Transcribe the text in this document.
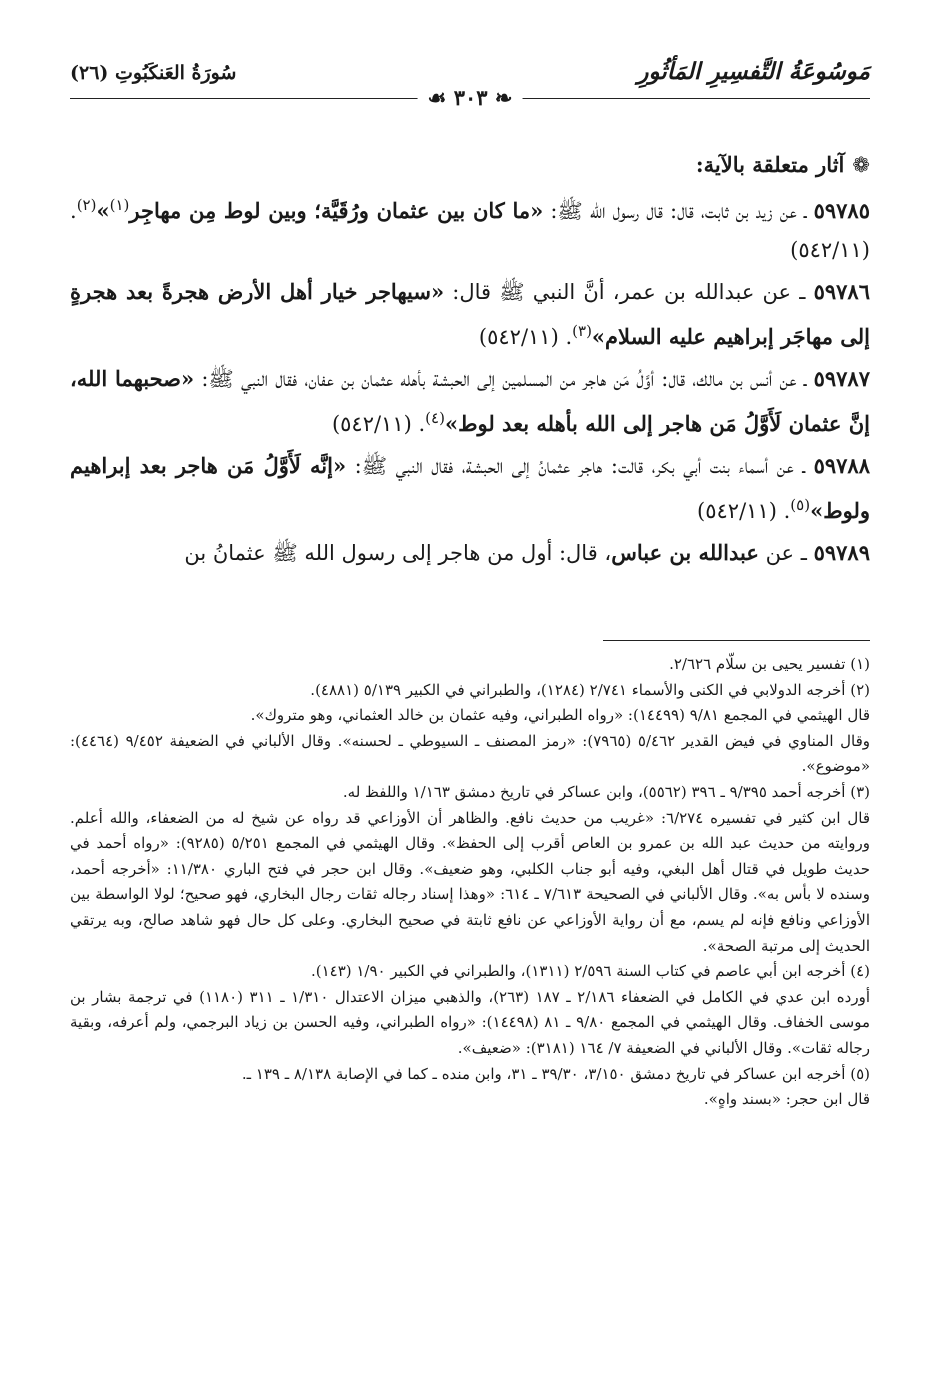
مَوسُوعَةُ التَّفسِيرِ المَأثُورِ
سُورَةُ العَنكَبُوتِ (٢٦)
❧ ٣٠٣ ☙
❁آثار متعلقة بالآية:
٥٩٧٨٥ ـ عن زيد بن ثابت، قال: قال رسول الله ﷺ: «ما كان بين عثمان ورُقَيَّة؛ وبين لوط مِن مهاجِر$^{(١)}$»$^{(٢)}$. (٥٤٢/١١)
٥٩٧٨٦ ـ عن عبدالله بن عمر، أنَّ النبي ﷺ قال: «سيهاجر خيار أهل الأرض هجرةً بعد هجرةٍ إلى مهاجَر إبراهيم عليه السلام»$^{(٣)}$. (٥٤٢/١١)
٥٩٧٨٧ ـ عن أنس بن مالك، قال: أوَّلُ مَن هاجر من المسلمين إلى الحبشة بأهله عثمان بن عفان، فقال النبي ﷺ: «صحبهما الله، إنَّ عثمان لَأَوَّلُ مَن هاجر إلى الله بأهله بعد لوط»$^{(٤)}$. (٥٤٢/١١)
٥٩٧٨٨ ـ عن أسماء بنت أبي بكر، قالت: هاجر عثمانُ إلى الحبشة، فقال النبي ﷺ: «إنَّه لَأَوَّلُ مَن هاجر بعد إبراهيم ولوط»$^{(٥)}$. (٥٤٢/١١)
٥٩٧٨٩ ـ عن عبدالله بن عباس، قال: أول من هاجر إلى رسول الله ﷺ عثمانُ بن

(١) تفسير يحيى بن سلّام ٢/٦٢٦.

(٢) أخرجه الدولابي في الكنى والأسماء ٢/٧٤١ (١٢٨٤)، والطبراني في الكبير ٥/١٣٩ (٤٨٨١).

قال الهيثمي في المجمع ٩/٨١ (١٤٤٩٩): «رواه الطبراني، وفيه عثمان بن خالد العثماني، وهو متروك».

وقال المناوي في فيض القدير ٥/٤٦٢ (٧٩٦٥): «رمز المصنف ـ السيوطي ـ لحسنه». وقال الألباني في الضعيفة ٩/٤٥٢ (٤٤٦٤): «موضوع».

(٣) أخرجه أحمد ٩/٣٩٥ ـ ٣٩٦ (٥٥٦٢)، وابن عساكر في تاريخ دمشق ١/١٦٣ واللفظ له.

قال ابن كثير في تفسيره ٦/٢٧٤: «غريب من حديث نافع. والظاهر أن الأوزاعي قد رواه عن شيخ له من الضعفاء، والله أعلم. وروايته من حديث عبد الله بن عمرو بن العاص أقرب إلى الحفظ». وقال الهيثمي في المجمع ٥/٢٥١ (٩٢٨٥): «رواه أحمد في حديث طويل في قتال أهل البغي، وفيه أبو جناب الكلبي، وهو ضعيف». وقال ابن حجر في فتح الباري ١١/٣٨٠: «أخرجه أحمد، وسنده لا بأس به». وقال الألباني في الصحيحة ٧/٦١٣ ـ ٦١٤: «وهذا إسناد رجاله ثقات رجال البخاري، فهو صحيح؛ لولا الواسطة بين الأوزاعي ونافع فإنه لم يسم، مع أن رواية الأوزاعي عن نافع ثابتة في صحيح البخاري. وعلى كل حال فهو شاهد صالح، وبه يرتقي الحديث إلى مرتبة الصحة».

(٤) أخرجه ابن أبي عاصم في كتاب السنة ٢/٥٩٦ (١٣١١)، والطبراني في الكبير ١/٩٠ (١٤٣).

أورده ابن عدي في الكامل في الضعفاء ٢/١٨٦ ـ ١٨٧ (٢٦٣)، والذهبي ميزان الاعتدال ١/٣١٠ ـ ٣١١ (١١٨٠) في ترجمة بشار بن موسى الخفاف. وقال الهيثمي في المجمع ٩/٨٠ ـ ٨١ (١٤٤٩٨): «رواه الطبراني، وفيه الحسن بن زياد البرجمي، ولم أعرفه، وبقية رجاله ثقات». وقال الألباني في الضعيفة ٧/ ١٦٤ (٣١٨١): «ضعيف».

(٥) أخرجه ابن عساكر في تاريخ دمشق ٣/١٥٠، ٣٩/٣٠ ـ ٣١، وابن منده ـ كما في الإصابة ٨/١٣٨ ـ ١٣٩ ـ.

قال ابن حجر: «بسند واهٍ».
